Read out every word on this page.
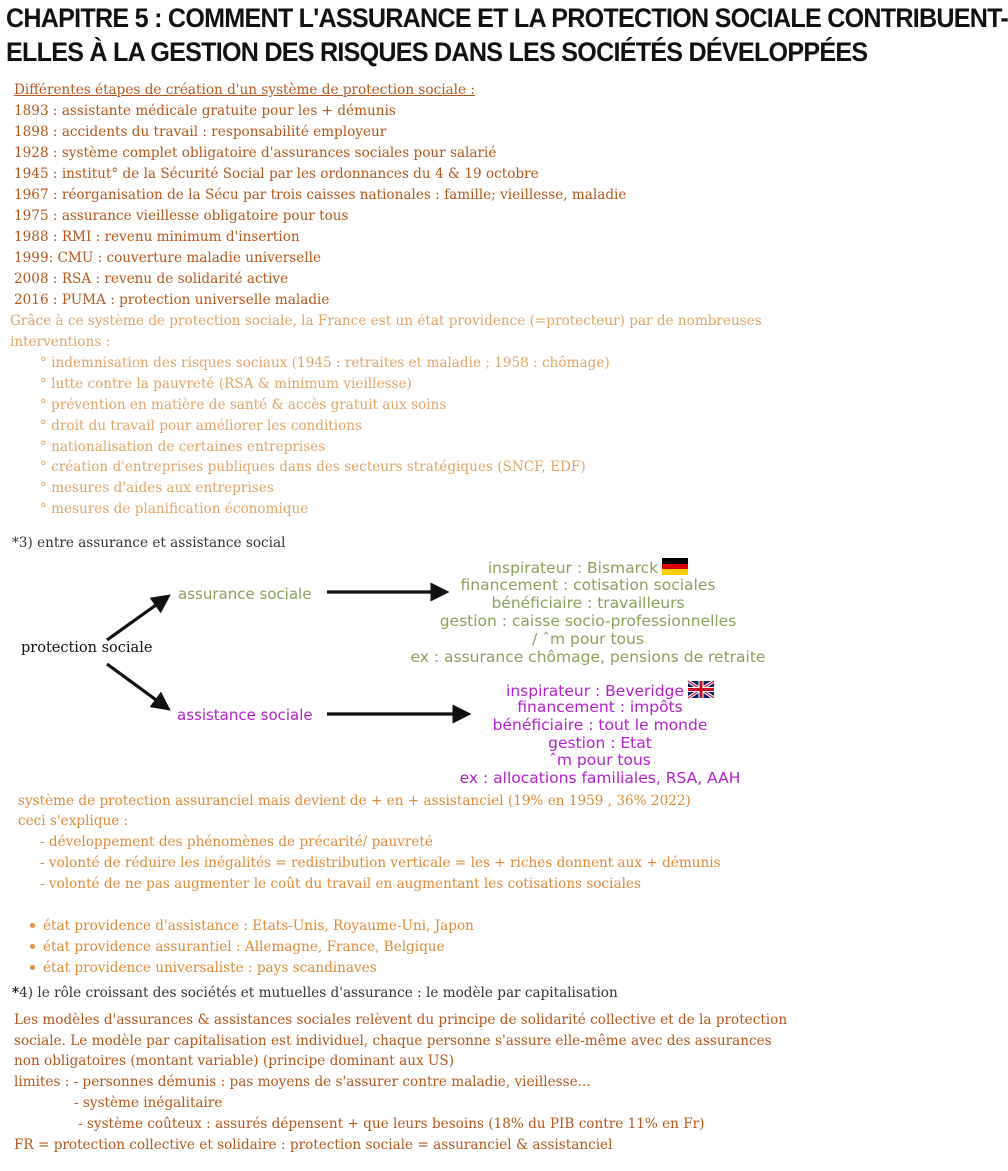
CHAPITRE 5 : COMMENT L'ASSURANCE ET LA PROTECTION SOCIALE CONTRIBUENT-
ELLES À LA GESTION DES RISQUES DANS LES SOCIÉTÉS DÉVELOPPÉES
Différentes étapes de création d'un système de protection sociale :
1893 : assistante médicale gratuite pour les + démunis
1898 : accidents du travail : responsabilité employeur
1928 : système complet obligatoire d'assurances sociales pour salarié
1945 : institut° de la Sécurité Social par les ordonnances du 4 & 19 octobre
1967 : réorganisation de la Sécu par trois caisses nationales : famille; vieillesse, maladie
1975 : assurance vieillesse obligatoire pour tous
1988 : RMI : revenu minimum d'insertion
1999: CMU : couverture maladie universelle
2008 : RSA : revenu de solidarité active
2016 : PUMA : protection universelle maladie
Grâce à ce système de protection sociale, la France est un état providence (=protecteur) par de nombreuses
interventions :
° indemnisation des risques sociaux (1945 : retraites et maladie ; 1958 : chômage)
° lutte contre la pauvreté (RSA & minimum vieillesse)
° prévention en matière de santé & accès gratuit aux soins
° droit du travail pour améliorer les conditions
° nationalisation de certaines entreprises
° création d'entreprises publiques dans des secteurs stratégiques (SNCF, EDF)
° mesures d'aides aux entreprises
° mesures de planification économique
*3) entre assurance et assistance social
protection sociale
assurance sociale
assistance sociale
inspirateur : Bismarck
financement : cotisation sociales
bénéficiaire : travailleurs
gestion : caisse socio-professionnelles
/ ˆm pour tous
ex : assurance chômage, pensions de retraite
inspirateur : Beveridge
financement : impôts
bénéficiaire : tout le monde
gestion : Etat
ˆm pour tous
ex : allocations familiales, RSA, AAH
système de protection assuranciel mais devient de + en + assistanciel (19% en 1959 , 36% 2022)
ceci s'explique :
- développement des phénomènes de précarité/ pauvreté
- volonté de réduire les inégalités = redistribution verticale = les + riches donnent aux + démunis
- volonté de ne pas augmenter le coût du travail en augmentant les cotisations sociales
état providence d'assistance : Etats-Unis, Royaume-Uni, Japon
état providence assurantiel : Allemagne, France, Belgique
état providence universaliste : pays scandinaves
*4) le rôle croissant des sociétés et mutuelles d'assurance : le modèle par capitalisation
Les modèles d'assurances & assistances sociales relèvent du principe de solidarité collective et de la protection
sociale. Le modèle par capitalisation est individuel, chaque personne s'assure elle-même avec des assurances
non obligatoires (montant variable) (principe dominant aux US)
limites : - personnes démunis : pas moyens de s'assurer contre maladie, vieillesse...
- système inégalitaire
- système coûteux : assurés dépensent + que leurs besoins (18% du PIB contre 11% en Fr)
FR = protection collective et solidaire : protection sociale = assuranciel & assistanciel
